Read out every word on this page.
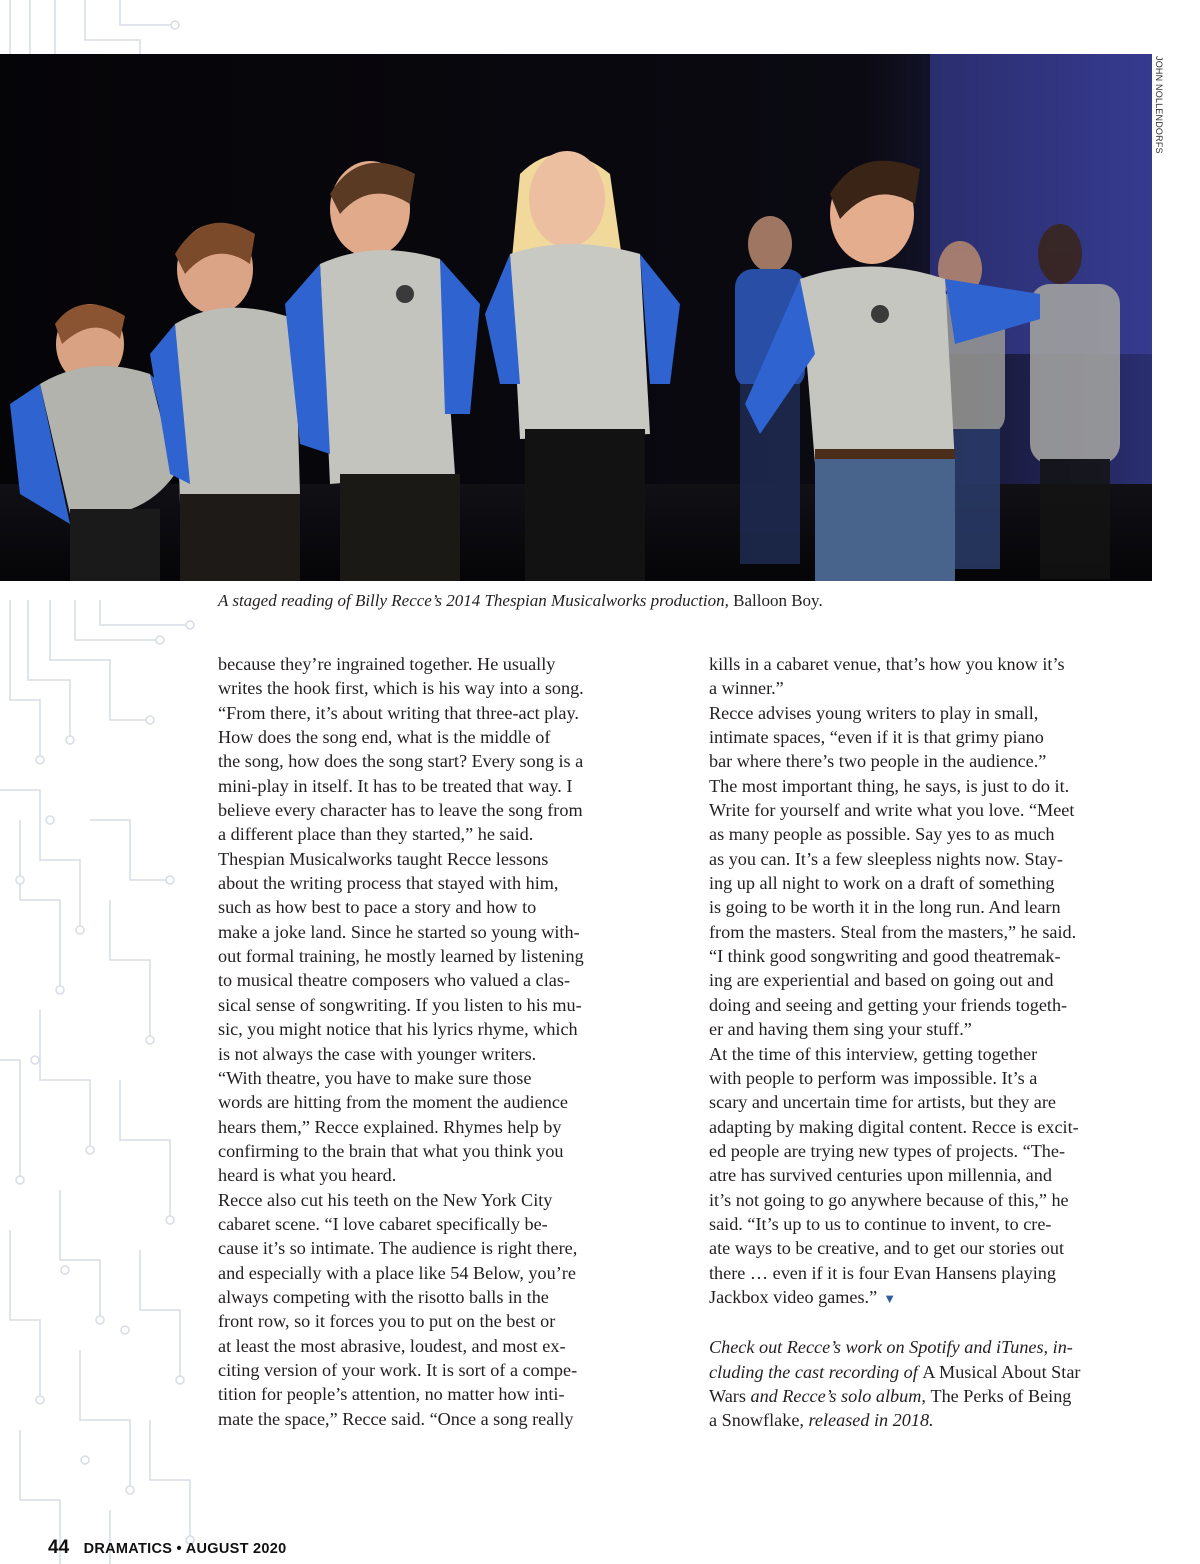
JOHN NOLLENDORFS
A staged reading of Billy Recce’s 2014 Thespian Musicalworks production, Balloon Boy.

because they’re ingrained together. He usually
writes the hook first, which is his way into a song.
“From there, it’s about writing that three-act play.
How does the song end, what is the middle of
the song, how does the song start? Every song is a
mini-play in itself. It has to be treated that way. I
believe every character has to leave the song from
a different place than they started,” he said.

Thespian Musicalworks taught Recce lessons
about the writing process that stayed with him,
such as how best to pace a story and how to
make a joke land. Since he started so young with-
out formal training, he mostly learned by listening
to musical theatre composers who valued a clas-
sical sense of songwriting. If you listen to his mu-
sic, you might notice that his lyrics rhyme, which
is not always the case with younger writers.

“With theatre, you have to make sure those
words are hitting from the moment the audience
hears them,” Recce explained. Rhymes help by
confirming to the brain that what you think you
heard is what you heard.

Recce also cut his teeth on the New York City
cabaret scene. “I love cabaret specifically be-
cause it’s so intimate. The audience is right there,
and especially with a place like 54 Below, you’re
always competing with the risotto balls in the
front row, so it forces you to put on the best or
at least the most abrasive, loudest, and most ex-
citing version of your work. It is sort of a compe-
tition for people’s attention, no matter how inti-
mate the space,” Recce said. “Once a song really

kills in a cabaret venue, that’s how you know it’s
a winner.”

Recce advises young writers to play in small,
intimate spaces, “even if it is that grimy piano
bar where there’s two people in the audience.”
The most important thing, he says, is just to do it.
Write for yourself and write what you love. “Meet
as many people as possible. Say yes to as much
as you can. It’s a few sleepless nights now. Stay-
ing up all night to work on a draft of something
is going to be worth it in the long run. And learn
from the masters. Steal from the masters,” he said.
“I think good songwriting and good theatremak-
ing are experiential and based on going out and
doing and seeing and getting your friends togeth-
er and having them sing your stuff.”

At the time of this interview, getting together
with people to perform was impossible. It’s a
scary and uncertain time for artists, but they are
adapting by making digital content. Recce is excit-
ed people are trying new types of projects. “The-
atre has survived centuries upon millennia, and
it’s not going to go anywhere because of this,” he
said. “It’s up to us to continue to invent, to cre-
ate ways to be creative, and to get our stories out
there … even if it is four Evan Hansens playing
Jackbox video games.” ▼

Check out Recce’s work on Spotify and iTunes, in-
cluding the cast recording of A Musical About Star
Wars and Recce’s solo album, The Perks of Being
a Snowflake, released in 2018.

44 DRAMATICS • AUGUST 2020
